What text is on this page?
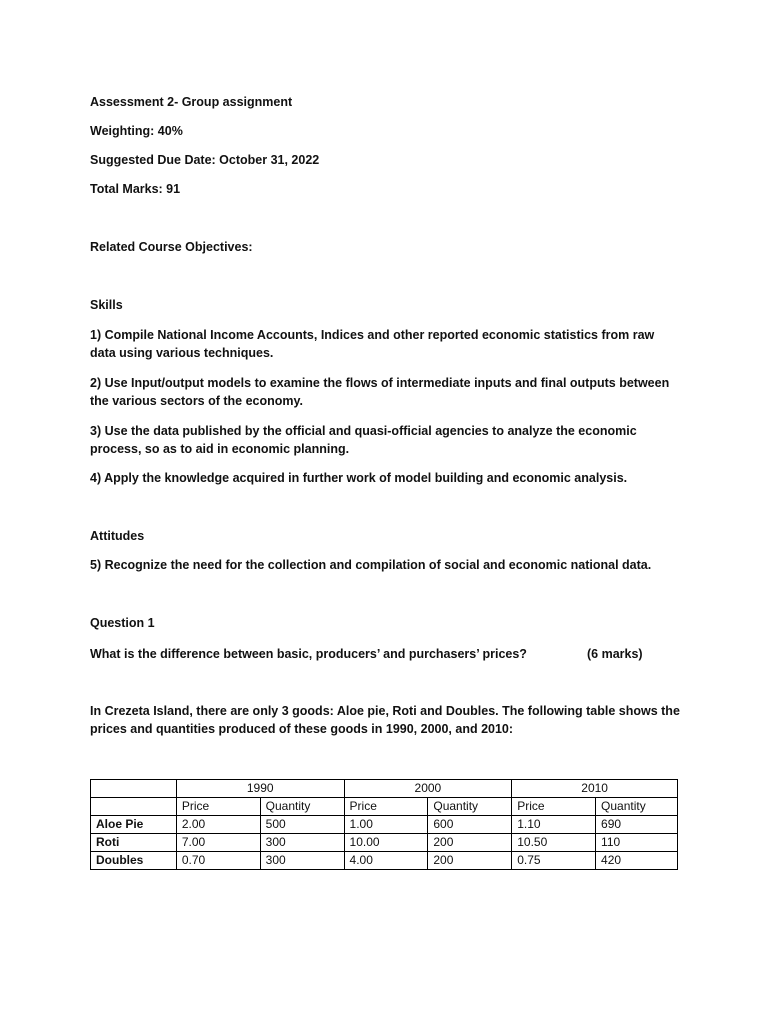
Assessment 2- Group assignment
Weighting: 40%
Suggested Due Date: October 31, 2022
Total Marks: 91
Related Course Objectives:
Skills
1) Compile National Income Accounts, Indices and other reported economic statistics from raw data using various techniques.
2) Use Input/output models to examine the flows of intermediate inputs and final outputs between the various sectors of the economy.
3) Use the data published by the official and quasi-official agencies to analyze the economic process, so as to aid in economic planning.
4) Apply the knowledge acquired in further work of model building and economic analysis.
Attitudes
5) Recognize the need for the collection and compilation of social and economic national data.
Question 1
What is the difference between basic, producers’ and purchasers’ prices?	(6 marks)
In Crezeta Island, there are only 3 goods: Aloe pie, Roti and Doubles. The following table shows the prices and quantities produced of these goods in 1990, 2000, and 2010:
	1990		2000		2010	
	Price	Quantity	Price	Quantity	Price	Quantity
Aloe Pie	2.00	500	1.00	600	1.10	690
Roti	7.00	300	10.00	200	10.50	110
Doubles	0.70	300	4.00	200	0.75	420
